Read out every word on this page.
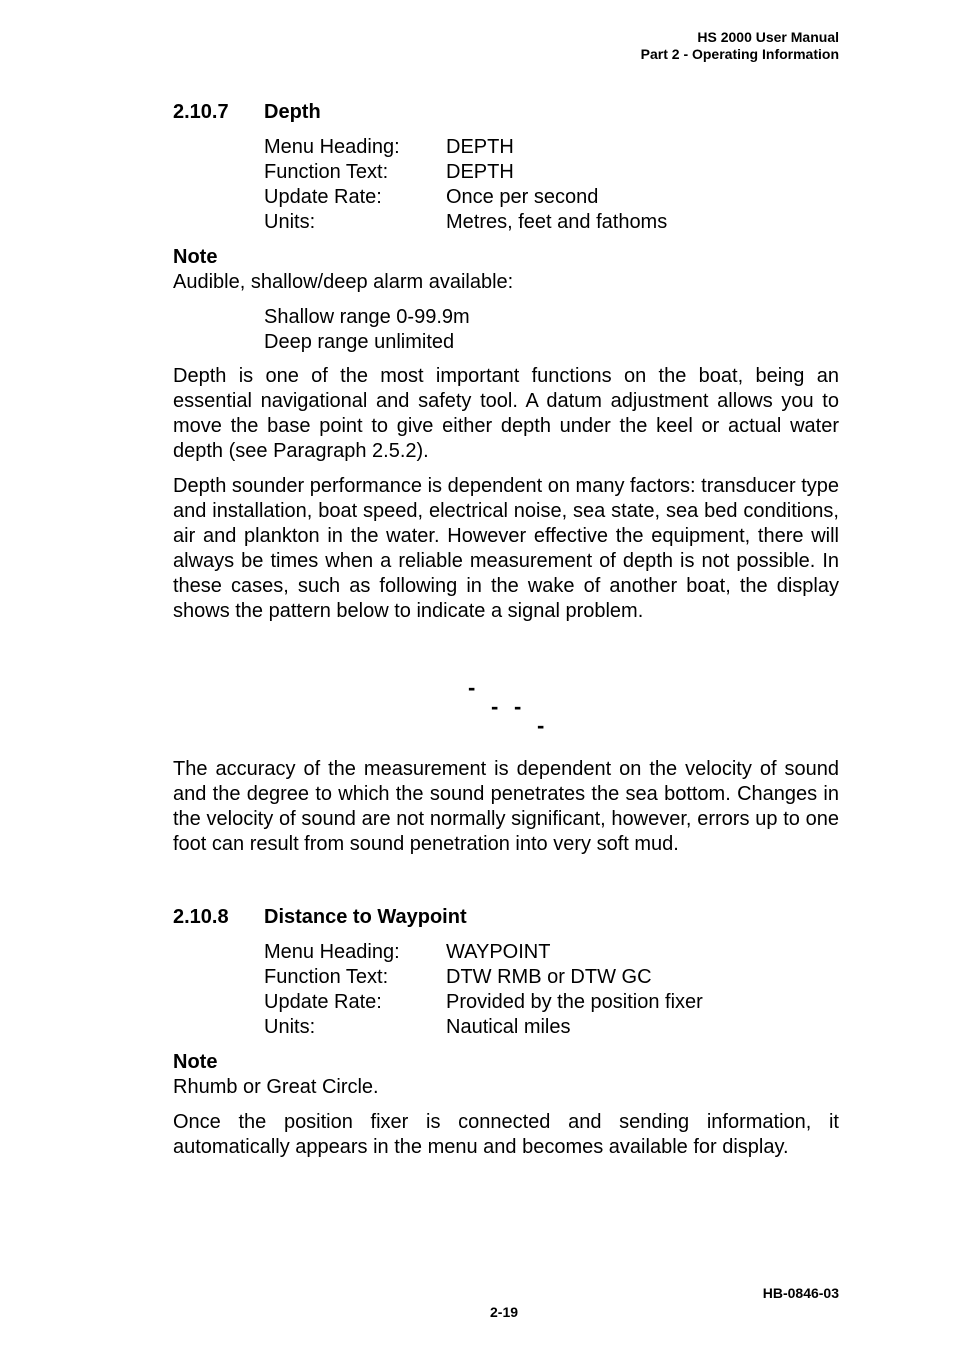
HS 2000 User Manual
Part 2 - Operating Information
2.10.7 Depth
Menu Heading: DEPTH
Function Text:	DEPTH
Update Rate:	Once per second
Units:	Metres, feet and fathoms
Note

Audible, shallow/deep alarm available:

Shallow range 0-99.9m
Deep range unlimited

Depth is one of the most important functions on the boat, being an essential navigational and safety tool. A datum adjustment allows you to move the base point to give either depth under the keel or actual water depth (see Paragraph 2.5.2).

Depth sounder performance is dependent on many factors: transducer type and installation, boat speed, electrical noise, sea state, sea bed conditions, air and plankton in the water. However effective the equipment, there will always be times when a reliable measurement of depth is not possible. In these cases, such as following in the wake of another boat, the display shows the pattern below to indicate a signal problem.

-
- -
-

The accuracy of the measurement is dependent on the velocity of sound and the degree to which the sound penetrates the sea bottom. Changes in the velocity of sound are not normally significant, however, errors up to one foot can result from sound penetration into very soft mud.

2.10.8 Distance to Waypoint
Menu Heading: WAYPOINT
Function Text:	DTW RMB or DTW GC
Update Rate:	Provided by the position fixer
Units:	Nautical miles
Note

Rhumb or Great Circle.

Once the position fixer is connected and sending information, it automatically appears in the menu and becomes available for display.

HB-0846-03
2-19
